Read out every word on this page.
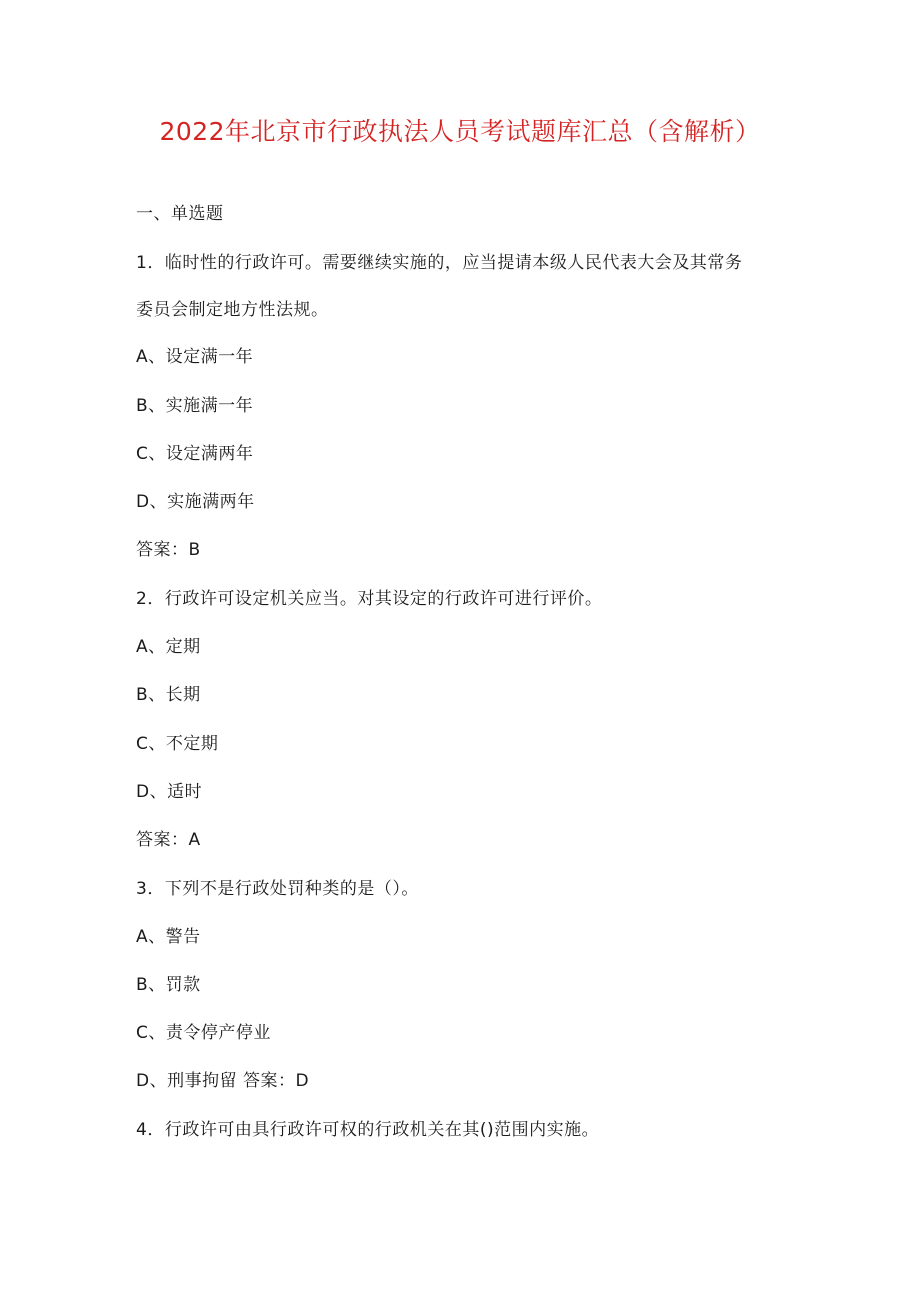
2022年北京市行政执法人员考试题库汇总（含解析）
一、单选题
1．临时性的行政许可。需要继续实施的，应当提请本级人民代表大会及其常务
委员会制定地方性法规。
A、设定满一年
B、实施满一年
C、设定满两年
D、实施满两年
答案：B
2．行政许可设定机关应当。对其设定的行政许可进行评价。
A、定期
B、长期
C、不定期
D、适时
答案：A
3．下列不是行政处罚种类的是（）。
A、警告
B、罚款
C、责令停产停业
D、刑事拘留 答案：D
4．行政许可由具行政许可权的行政机关在其()范围内实施。
